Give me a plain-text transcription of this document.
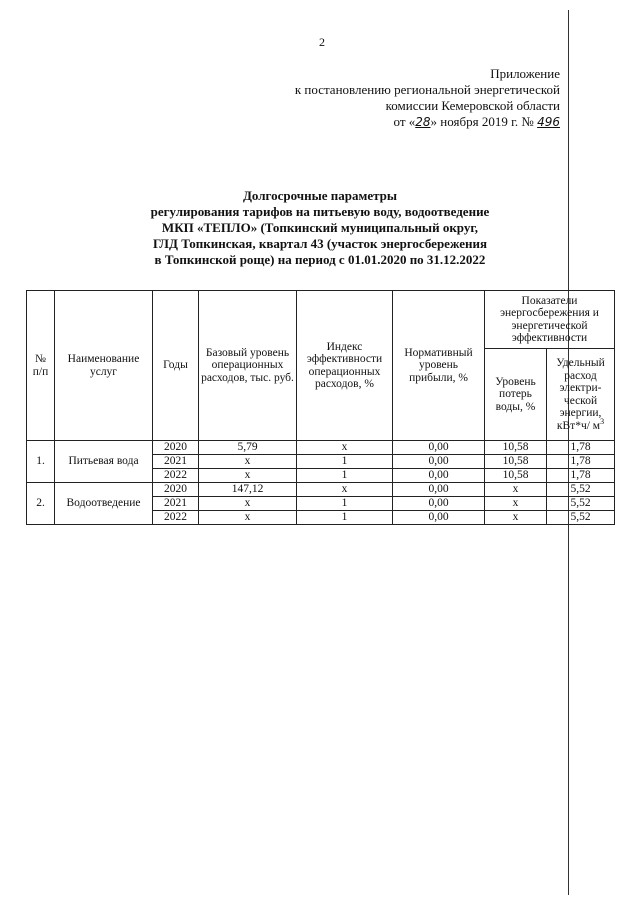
2
Приложение
к постановлению региональной энергетической
комиссии Кемеровской области
от «28» ноября 2019 г. № 496
Долгосрочные параметры
регулирования тарифов на питьевую воду, водоотведение
МКП «ТЕПЛО» (Топкинский муниципальный округ,
ГЛД Топкинская, квартал 43 (участок энергосбережения
в Топкинской роще) на период с 01.01.2020 по 31.12.2022
№ п/п	Наименование услуг	Годы	Базовый уровень операционных расходов, тыс. руб.	Индекс эффективности операционных расходов, %	Нормативный уровень прибыли, %	Показатели энергосбережения и энергетической эффективности	
						Уровень потерь воды, %	Удельный расход электри-ческой энергии, кВт*ч/ $м^3$
1.	Питьевая вода	2020	5,79	х	0,00	10,58	1,78
		2021	х	1	0,00	10,58	1,78
		2022	х	1	0,00	10,58	1,78
2.	Водоотведение	2020	147,12	х	0,00	х	5,52
		2021	х	1	0,00	х	5,52
		2022	х	1	0,00	х	5,52
